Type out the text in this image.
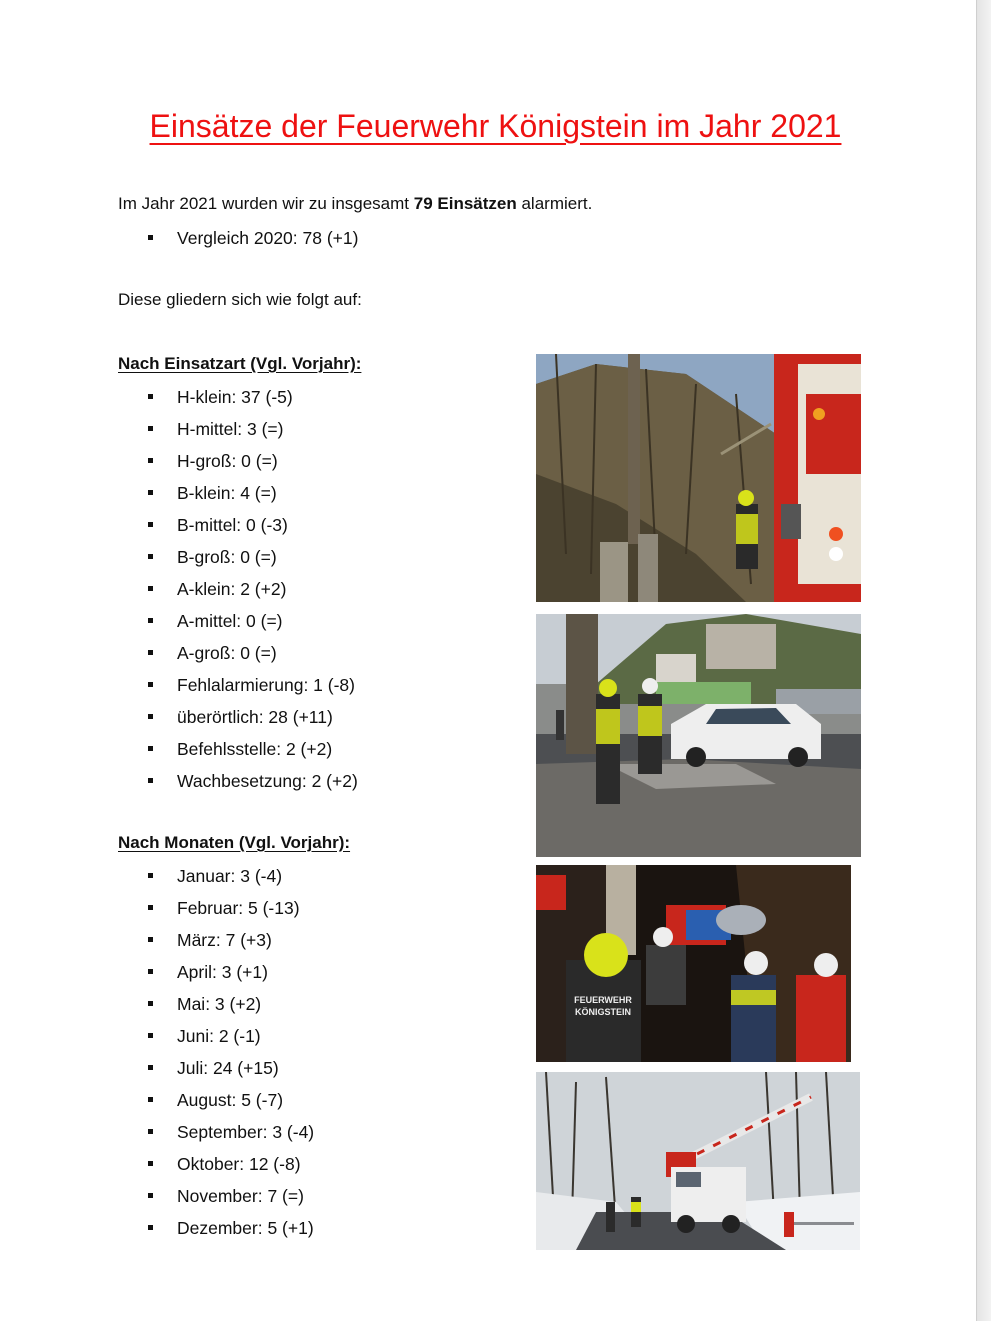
Einsätze der Feuerwehr Königstein im Jahr 2021

Im Jahr 2021 wurden wir zu insgesamt 79 Einsätzen alarmiert.

Vergleich 2020: 78 (+1)

Diese gliedern sich wie folgt auf:

Nach Einsatzart (Vgl. Vorjahr):

H-klein: 37 (-5)
H-mittel: 3 (=)
H-groß: 0 (=)
B-klein: 4 (=)
B-mittel: 0 (-3)
B-groß: 0 (=)
A-klein: 2 (+2)
A-mittel: 0 (=)
A-groß: 0 (=)
Fehlalarmierung: 1 (-8)
überörtlich: 28 (+11)
Befehlsstelle: 2 (+2)
Wachbesetzung: 2 (+2)

Nach Monaten (Vgl. Vorjahr):

Januar: 3 (-4)
Februar: 5 (-13)
März: 7 (+3)
April: 3 (+1)
Mai: 3 (+2)
Juni: 2 (-1)
Juli: 24 (+15)
August: 5 (-7)
September: 3 (-4)
Oktober: 12 (-8)
November: 7 (=)
Dezember: 5 (+1)
FEUERWEHR
KÖNIGSTEIN
